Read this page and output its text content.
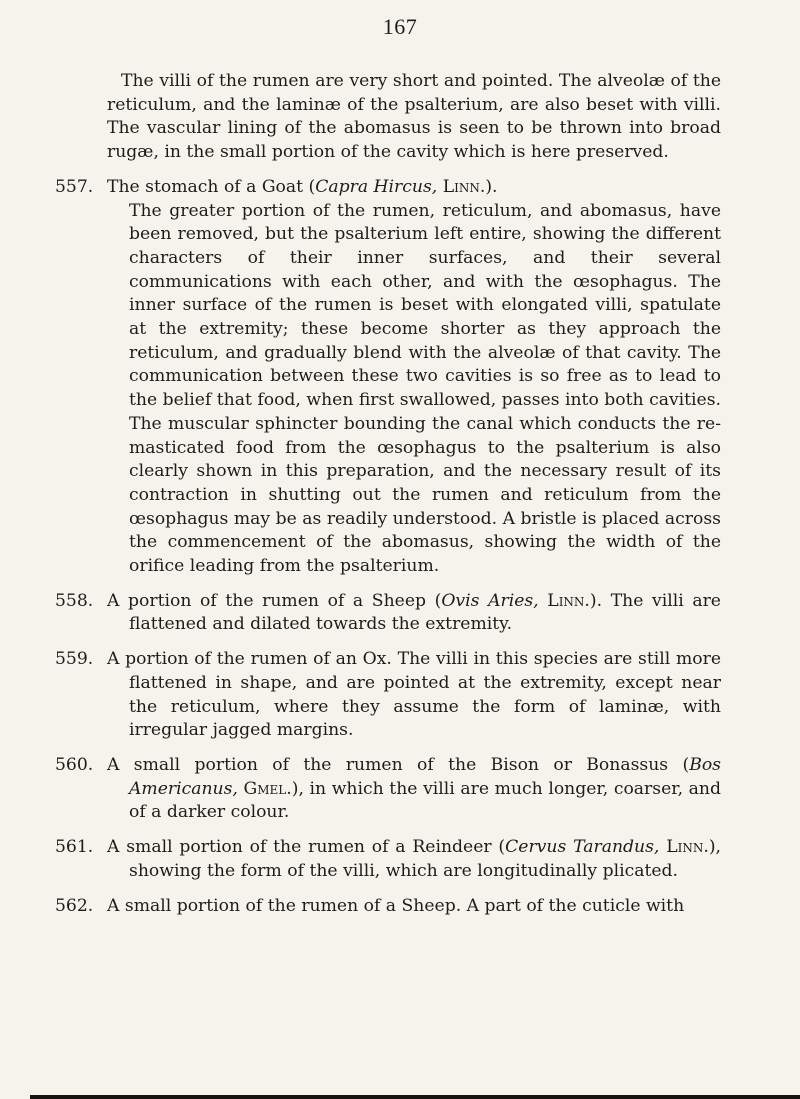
167

The villi of the rumen are very short and pointed. The alveolæ of the reticulum, and the laminæ of the psalterium, are also beset with villi. The vascular lining of the abomasus is seen to be thrown into broad rugæ, in the small portion of the cavity which is here preserved.

557. The stomach of a Goat (Capra Hircus, Linn.).
The greater portion of the rumen, reticulum, and abomasus, have been removed, but the psalterium left entire, showing the different characters of their inner surfaces, and their several communications with each other, and with the œsophagus. The inner surface of the rumen is beset with elongated villi, spatulate at the extremity; these become shorter as they approach the reticulum, and gradually blend with the alveolæ of that cavity. The communication between these two cavities is so free as to lead to the belief that food, when first swallowed, passes into both cavities. The muscular sphincter bounding the canal which conducts the re-masticated food from the œsophagus to the psalterium is also clearly shown in this preparation, and the necessary result of its contraction in shutting out the rumen and reticulum from the œsophagus may be as readily understood. A bristle is placed across the commencement of the abomasus, showing the width of the orifice leading from the psalterium.
558. A portion of the rumen of a Sheep (Ovis Aries, Linn.). The villi are flattened and dilated towards the extremity.
559. A portion of the rumen of an Ox. The villi in this species are still more flattened in shape, and are pointed at the extremity, except near the reticulum, where they assume the form of laminæ, with irregular jagged margins.
560. A small portion of the rumen of the Bison or Bonassus (Bos Americanus, Gmel.), in which the villi are much longer, coarser, and of a darker colour.
561. A small portion of the rumen of a Reindeer (Cervus Tarandus, Linn.), showing the form of the villi, which are longitudinally plicated.
562. A small portion of the rumen of a Sheep. A part of the cuticle with
